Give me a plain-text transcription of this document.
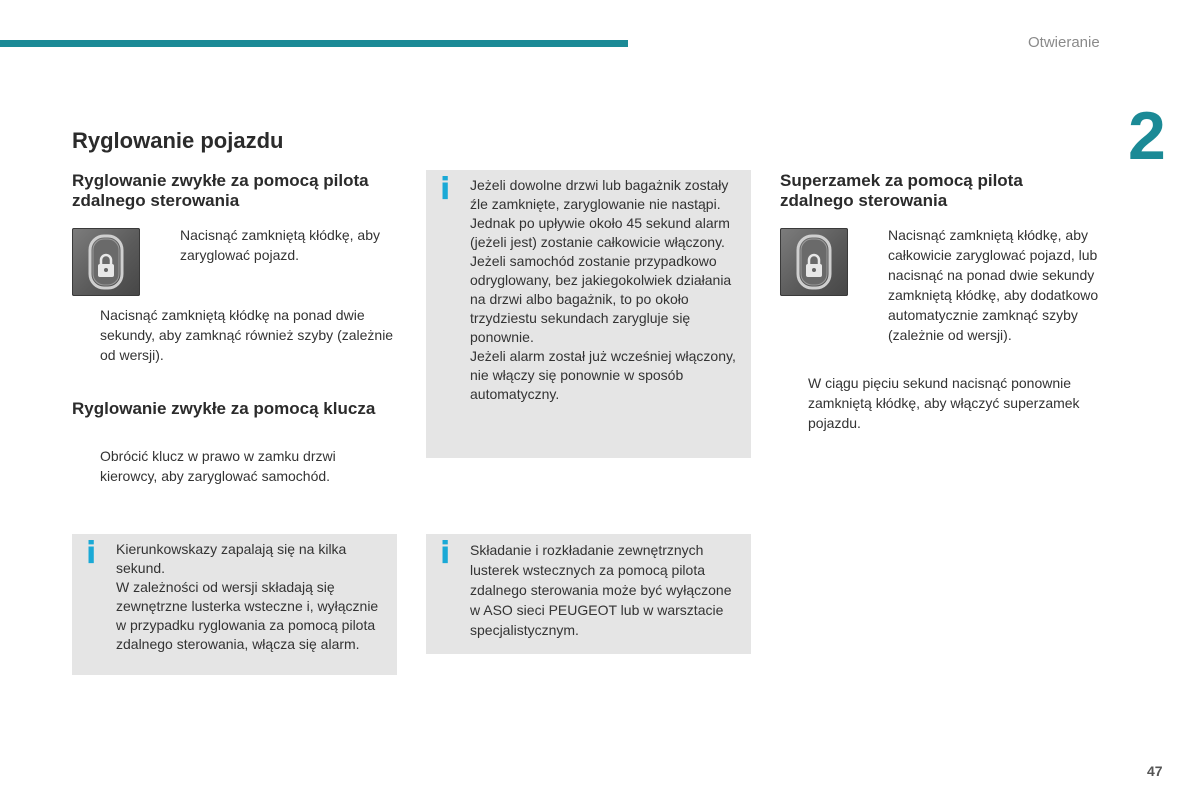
Otwieranie
2
Ryglowanie pojazdu
Ryglowanie zwykłe za pomocą pilota zdalnego sterowania
Nacisnąć zamkniętą kłódkę, aby zaryglować pojazd.
Nacisnąć zamkniętą kłódkę na ponad dwie sekundy, aby zamknąć również szyby (zależnie od wersji).
Ryglowanie zwykłe za pomocą klucza
Obrócić klucz w prawo w zamku drzwi kierowcy, aby zaryglować samochód.
i Kierunkowskazy zapalają się na kilka sekund.
W zależności od wersji składają się zewnętrzne lusterka wsteczne i, wyłącznie w przypadku ryglowania za pomocą pilota zdalnego sterowania, włącza się alarm.
i Jeżeli dowolne drzwi lub bagażnik zostały źle zamknięte, zaryglowanie nie nastąpi.
Jednak po upływie około 45 sekund alarm (jeżeli jest) zostanie całkowicie włączony.
Jeżeli samochód zostanie przypadkowo odryglowany, bez jakiegokolwiek działania na drzwi albo bagażnik, to po około trzydziestu sekundach zarygluje się ponownie.
Jeżeli alarm został już wcześniej włączony, nie włączy się ponownie w sposób automatyczny.
i Składanie i rozkładanie zewnętrznych lusterek wstecznych za pomocą pilota zdalnego sterowania może być wyłączone w ASO sieci PEUGEOT lub w warsztacie specjalistycznym.
Superzamek za pomocą pilota zdalnego sterowania
Nacisnąć zamkniętą kłódkę, aby całkowicie zaryglować pojazd, lub nacisnąć na ponad dwie sekundy zamkniętą kłódkę, aby dodatkowo automatycznie zamknąć szyby (zależnie od wersji).
W ciągu pięciu sekund nacisnąć ponownie zamkniętą kłódkę, aby włączyć superzamek pojazdu.
47
